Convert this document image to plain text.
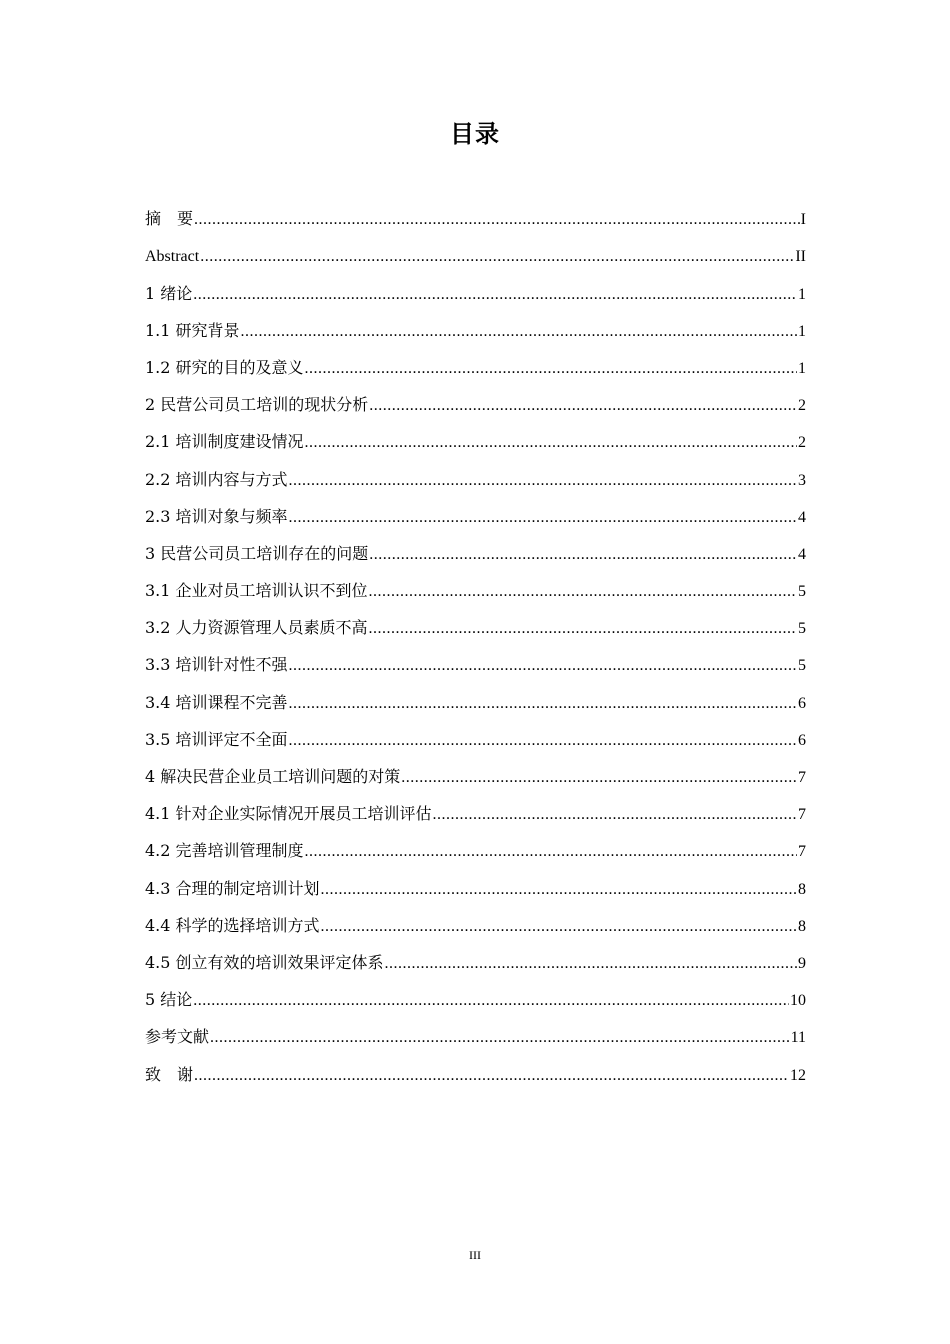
目录
摘　要 .....	I
Abstract .....	II
1 绪论 .....	1
1.1 研究背景 .....	1
1.2 研究的目的及意义 .....	1
2 民营公司员工培训的现状分析 .....	2
2.1 培训制度建设情况 .....	2
2.2 培训内容与方式 .....	3
2.3 培训对象与频率 .....	4
3 民营公司员工培训存在的问题 .....	4
3.1 企业对员工培训认识不到位 .....	5
3.2 人力资源管理人员素质不高 .....	5
3.3 培训针对性不强 .....	5
3.4 培训课程不完善 .....	6
3.5 培训评定不全面 .....	6
4 解决民营企业员工培训问题的对策 .....	7
4.1 针对企业实际情况开展员工培训评估 .....	7
4.2 完善培训管理制度 .....	7
4.3 合理的制定培训计划 .....	8
4.4 科学的选择培训方式 .....	8
4.5 创立有效的培训效果评定体系 .....	9
5 结论 .....	10
参考文献 .....	11
致　谢 .....	12
III
